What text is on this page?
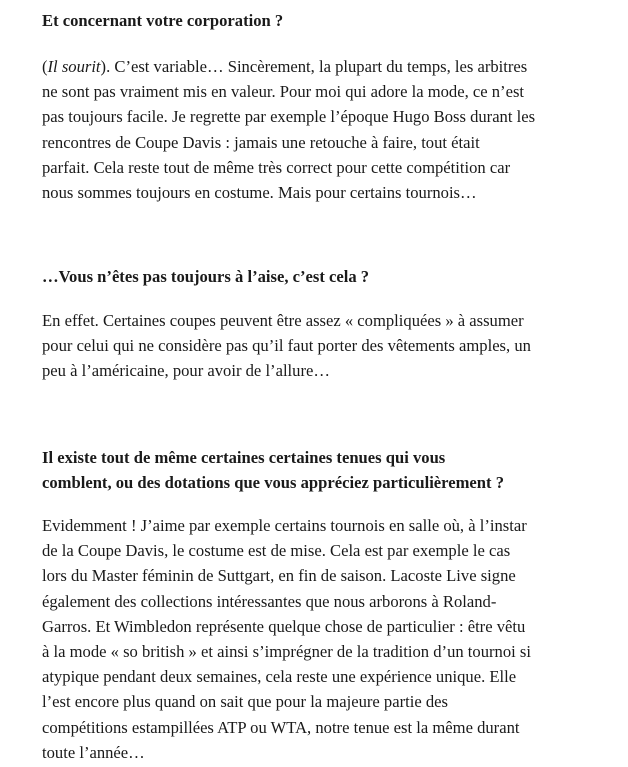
Et concernant votre corporation ?

(Il sourit). C’est variable… Sincèrement, la plupart du temps, les arbitres
ne sont pas vraiment mis en valeur. Pour moi qui adore la mode, ce n’est
pas toujours facile. Je regrette par exemple l’époque Hugo Boss durant les
rencontres de Coupe Davis : jamais une retouche à faire, tout était
parfait. Cela reste tout de même très correct pour cette compétition car
nous sommes toujours en costume. Mais pour certains tournois…

…Vous n’êtes pas toujours à l’aise, c’est cela ?

En effet. Certaines coupes peuvent être assez « compliquées » à assumer
pour celui qui ne considère pas qu’il faut porter des vêtements amples, un
peu à l’américaine, pour avoir de l’allure…

Il existe tout de même certaines certaines tenues qui vous
comblent, ou des dotations que vous appréciez particulièrement ?

Evidemment ! J’aime par exemple certains tournois en salle où, à l’instar
de la Coupe Davis, le costume est de mise. Cela est par exemple le cas
lors du Master féminin de Suttgart, en fin de saison. Lacoste Live signe
également des collections intéressantes que nous arborons à Roland-
Garros. Et Wimbledon représente quelque chose de particulier : être vêtu
à la mode « so british » et ainsi s’imprégner de la tradition d’un tournoi si
atypique pendant deux semaines, cela reste une expérience unique. Elle
l’est encore plus quand on sait que pour la majeure partie des
compétitions estampillées ATP ou WTA, notre tenue est la même durant
toute l’année…
